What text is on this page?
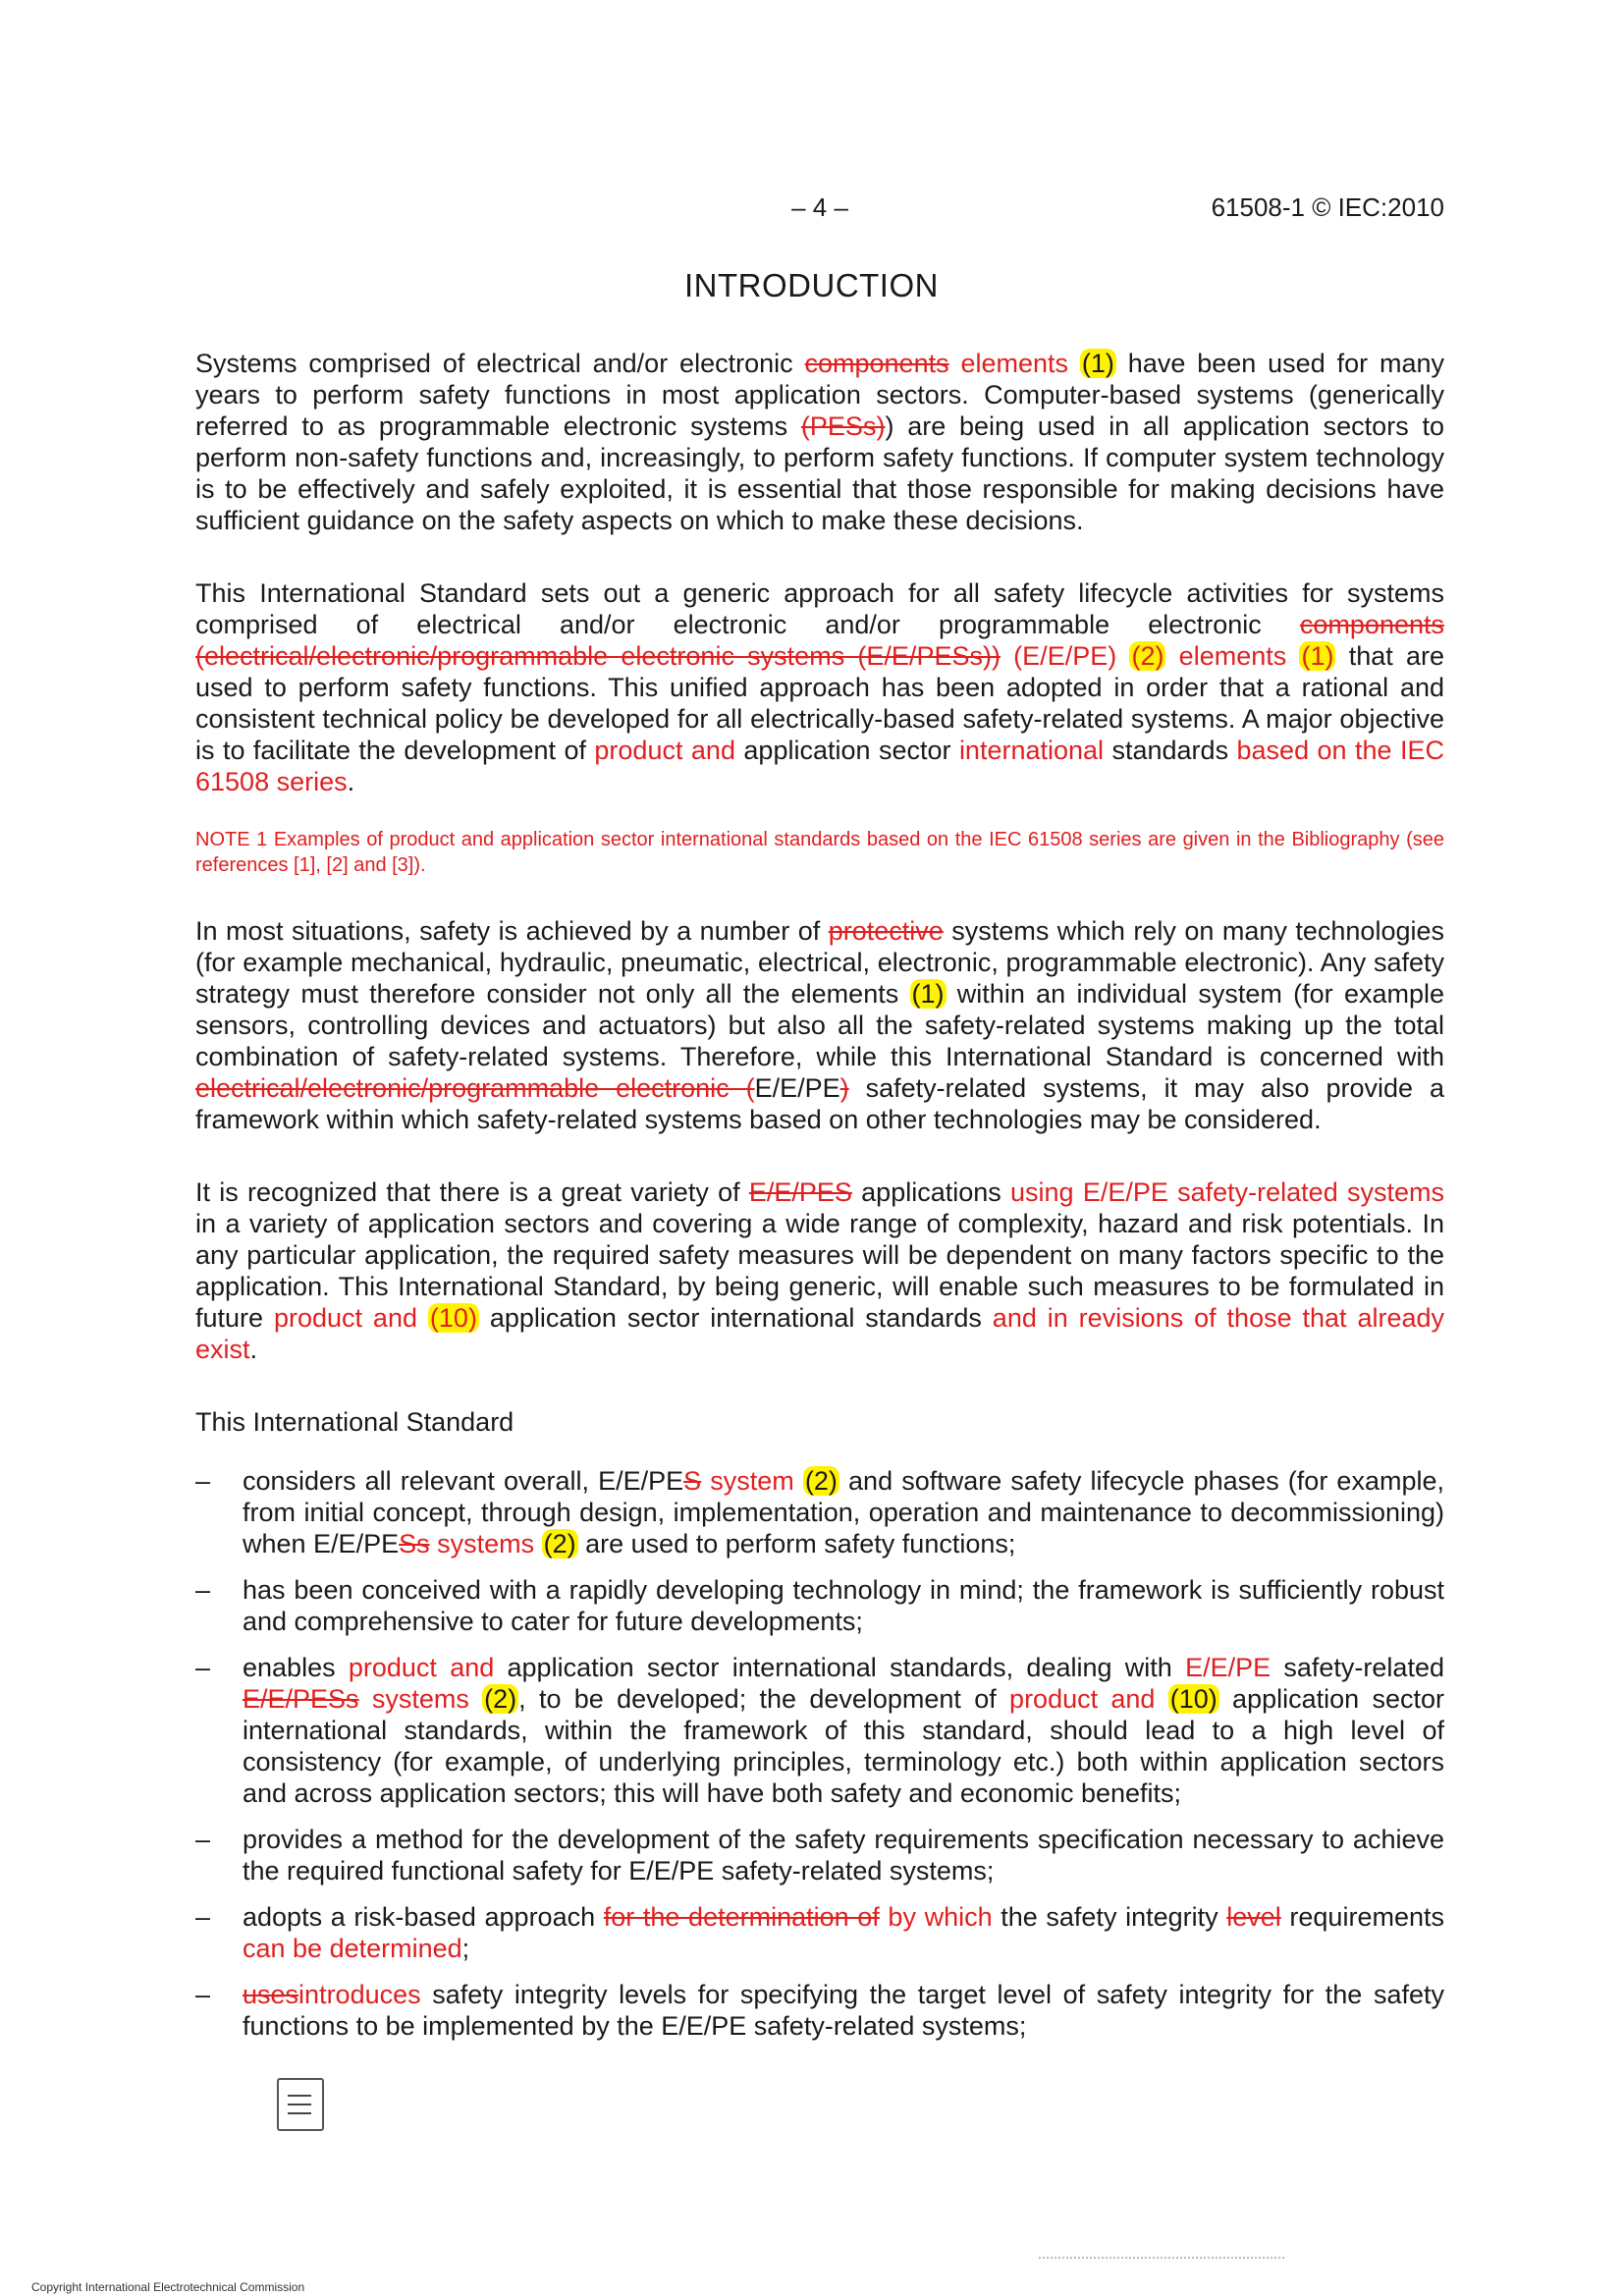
– 4 –	61508-1 © IEC:2010
INTRODUCTION

Systems comprised of electrical and/or electronic components elements (1) have been used for many years to perform safety functions in most application sectors. Computer-based systems (generically referred to as programmable electronic systems (PESs)) are being used in all application sectors to perform non-safety functions and, increasingly, to perform safety functions. If computer system technology is to be effectively and safely exploited, it is essential that those responsible for making decisions have sufficient guidance on the safety aspects on which to make these decisions.

This International Standard sets out a generic approach for all safety lifecycle activities for systems comprised of electrical and/or electronic and/or programmable electronic components (electrical/electronic/programmable electronic systems (E/E/PESs)) (E/E/PE) (2) elements (1) that are used to perform safety functions. This unified approach has been adopted in order that a rational and consistent technical policy be developed for all electrically-based safety-related systems. A major objective is to facilitate the development of product and application sector international standards based on the IEC 61508 series.

NOTE 1 Examples of product and application sector international standards based on the IEC 61508 series are given in the Bibliography (see references [1], [2] and [3]).

In most situations, safety is achieved by a number of protective systems which rely on many technologies (for example mechanical, hydraulic, pneumatic, electrical, electronic, programmable electronic). Any safety strategy must therefore consider not only all the elements (1) within an individual system (for example sensors, controlling devices and actuators) but also all the safety-related systems making up the total combination of safety-related systems. Therefore, while this International Standard is concerned with electrical/electronic/programmable electronic (E/E/PE) safety-related systems, it may also provide a framework within which safety-related systems based on other technologies may be considered.

It is recognized that there is a great variety of E/E/PES applications using E/E/PE safety-related systems in a variety of application sectors and covering a wide range of complexity, hazard and risk potentials. In any particular application, the required safety measures will be dependent on many factors specific to the application. This International Standard, by being generic, will enable such measures to be formulated in future product and (10) application sector international standards and in revisions of those that already exist.

This International Standard

– considers all relevant overall, E/E/PES system (2) and software safety lifecycle phases (for example, from initial concept, through design, implementation, operation and maintenance to decommissioning) when E/E/PESs systems (2) are used to perform safety functions;
– has been conceived with a rapidly developing technology in mind; the framework is sufficiently robust and comprehensive to cater for future developments;
– enables product and application sector international standards, dealing with E/E/PE safety-related E/E/PESs systems (2), to be developed; the development of product and (10) application sector international standards, within the framework of this standard, should lead to a high level of consistency (for example, of underlying principles, terminology etc.) both within application sectors and across application sectors; this will have both safety and economic benefits;
– provides a method for the development of the safety requirements specification necessary to achieve the required functional safety for E/E/PE safety-related systems;
– adopts a risk-based approach for the determination of by which the safety integrity level requirements can be determined;
– usesintroduces safety integrity levels for specifying the target level of safety integrity for the safety functions to be implemented by the E/E/PE safety-related systems;
Copyright International Electrotechnical Commission
